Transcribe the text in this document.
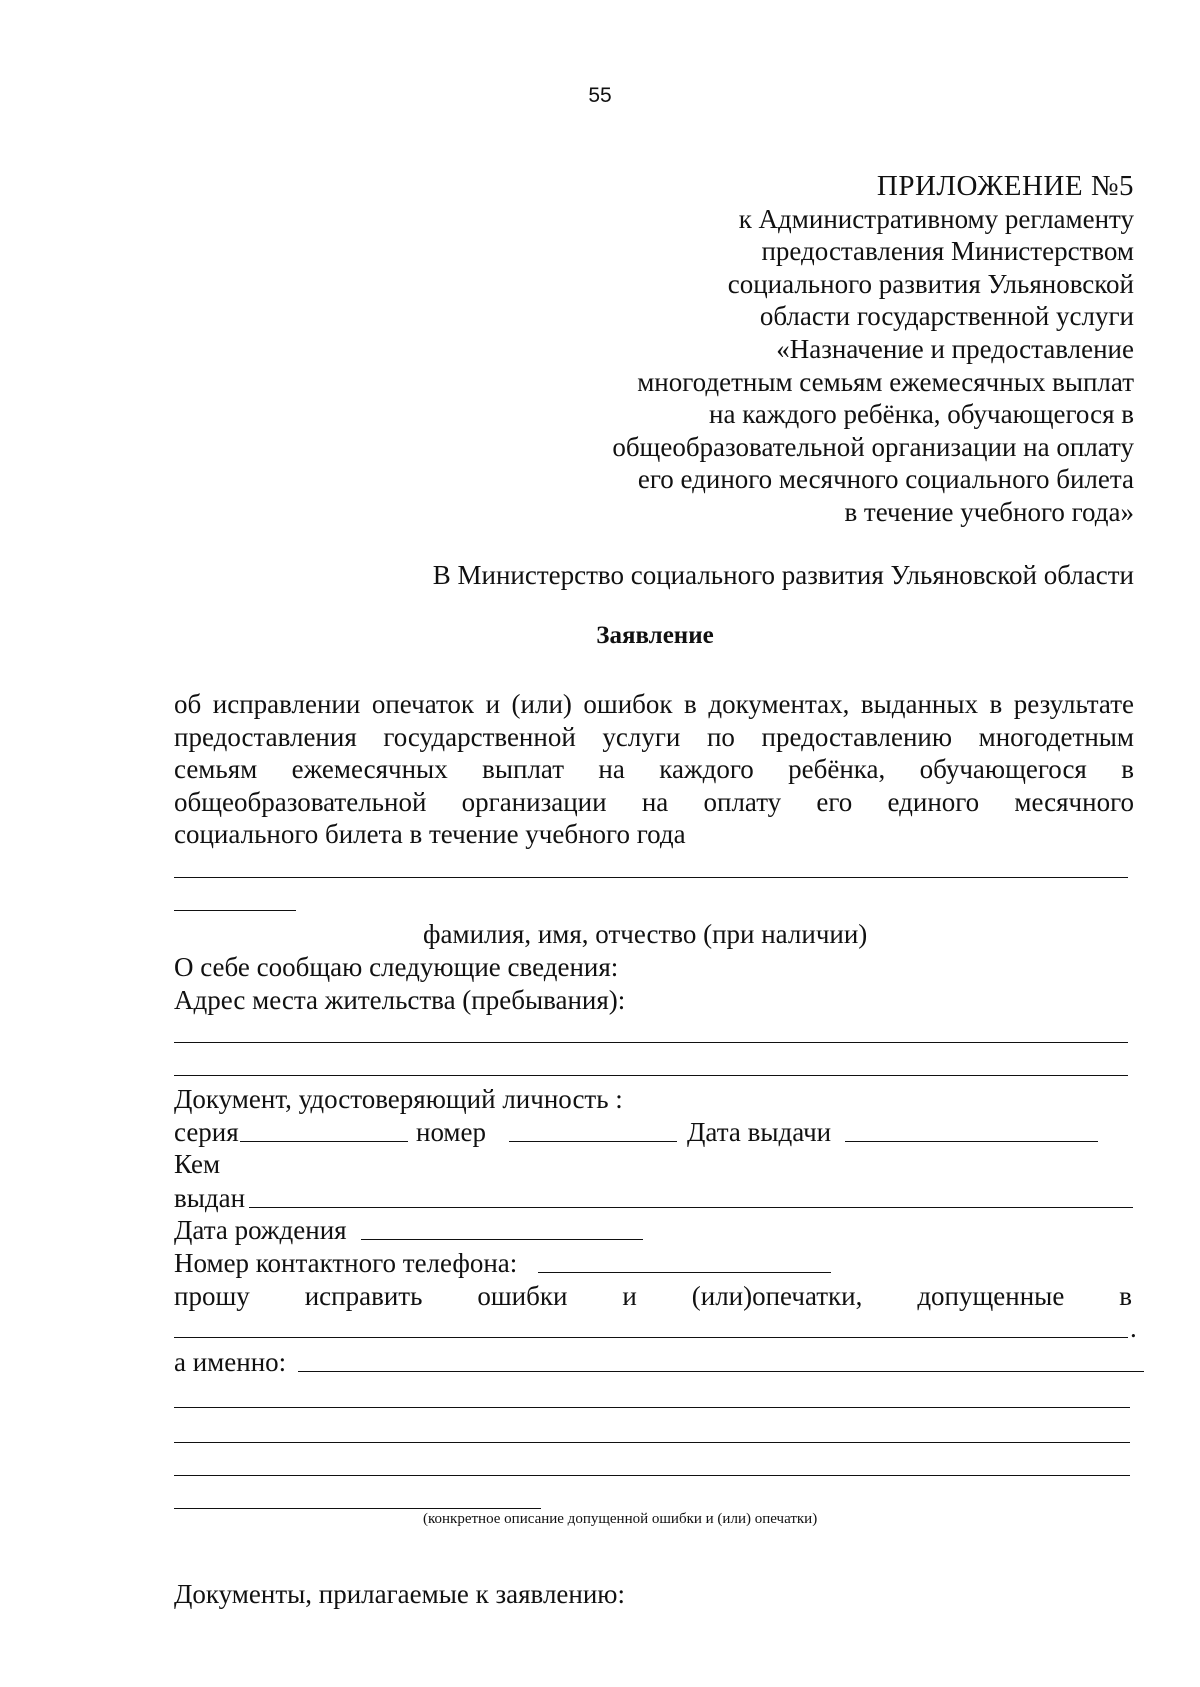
55
ПРИЛОЖЕНИЕ №5
к Административному регламенту
предоставления Министерством
социального развития Ульяновской
области государственной услуги
«Назначение и предоставление
многодетным семьям ежемесячных выплат
на каждого ребёнка, обучающегося в
общеобразовательной организации на оплату
его единого месячного социального билета
в течение учебного года»
В Министерство социального развития Ульяновской области
Заявление

об исправлении опечаток и (или) ошибок в документах, выданных в результате

предоставления государственной услуги по предоставлению многодетным

семьям ежемесячных выплат на каждого ребёнка, обучающегося в

общеобразовательной организации на оплату его единого месячного

социального билета в течение учебного года

фамилия, имя, отчество (при наличии)
О себе сообщаю следующие сведения:
Адрес места жительства (пребывания):
Документ, удостоверяющий личность :
серия	номер	Дата выдачи
Кем
выдан
Дата рождения
Номер контактного телефона:
прошу исправить ошибки и (или)опечатки, допущенные в
.
а именно:
(конкретное описание допущенной ошибки и (или) опечатки)
Документы, прилагаемые к заявлению:
